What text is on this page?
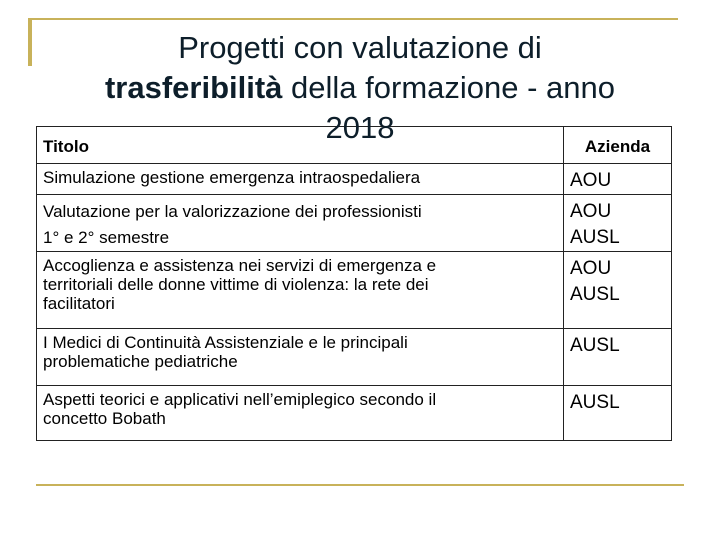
Progetti con valutazione di
trasferibilità della formazione - anno
2018
Titolo	Azienda

Simulazione gestione emergenza intraospedaliera	AOU

Valutazione per la valorizzazione dei professionisti
1° e 2° semestre	AOU
AUSL

Accoglienza e assistenza nei servizi di emergenza e
territoriali delle donne vittime di violenza: la rete dei
facilitatori	AOU
AUSL

I Medici di Continuità Assistenziale e le principali
problematiche pediatriche	AUSL

Aspetti teorici e applicativi nell’emiplegico secondo il
concetto Bobath	AUSL
